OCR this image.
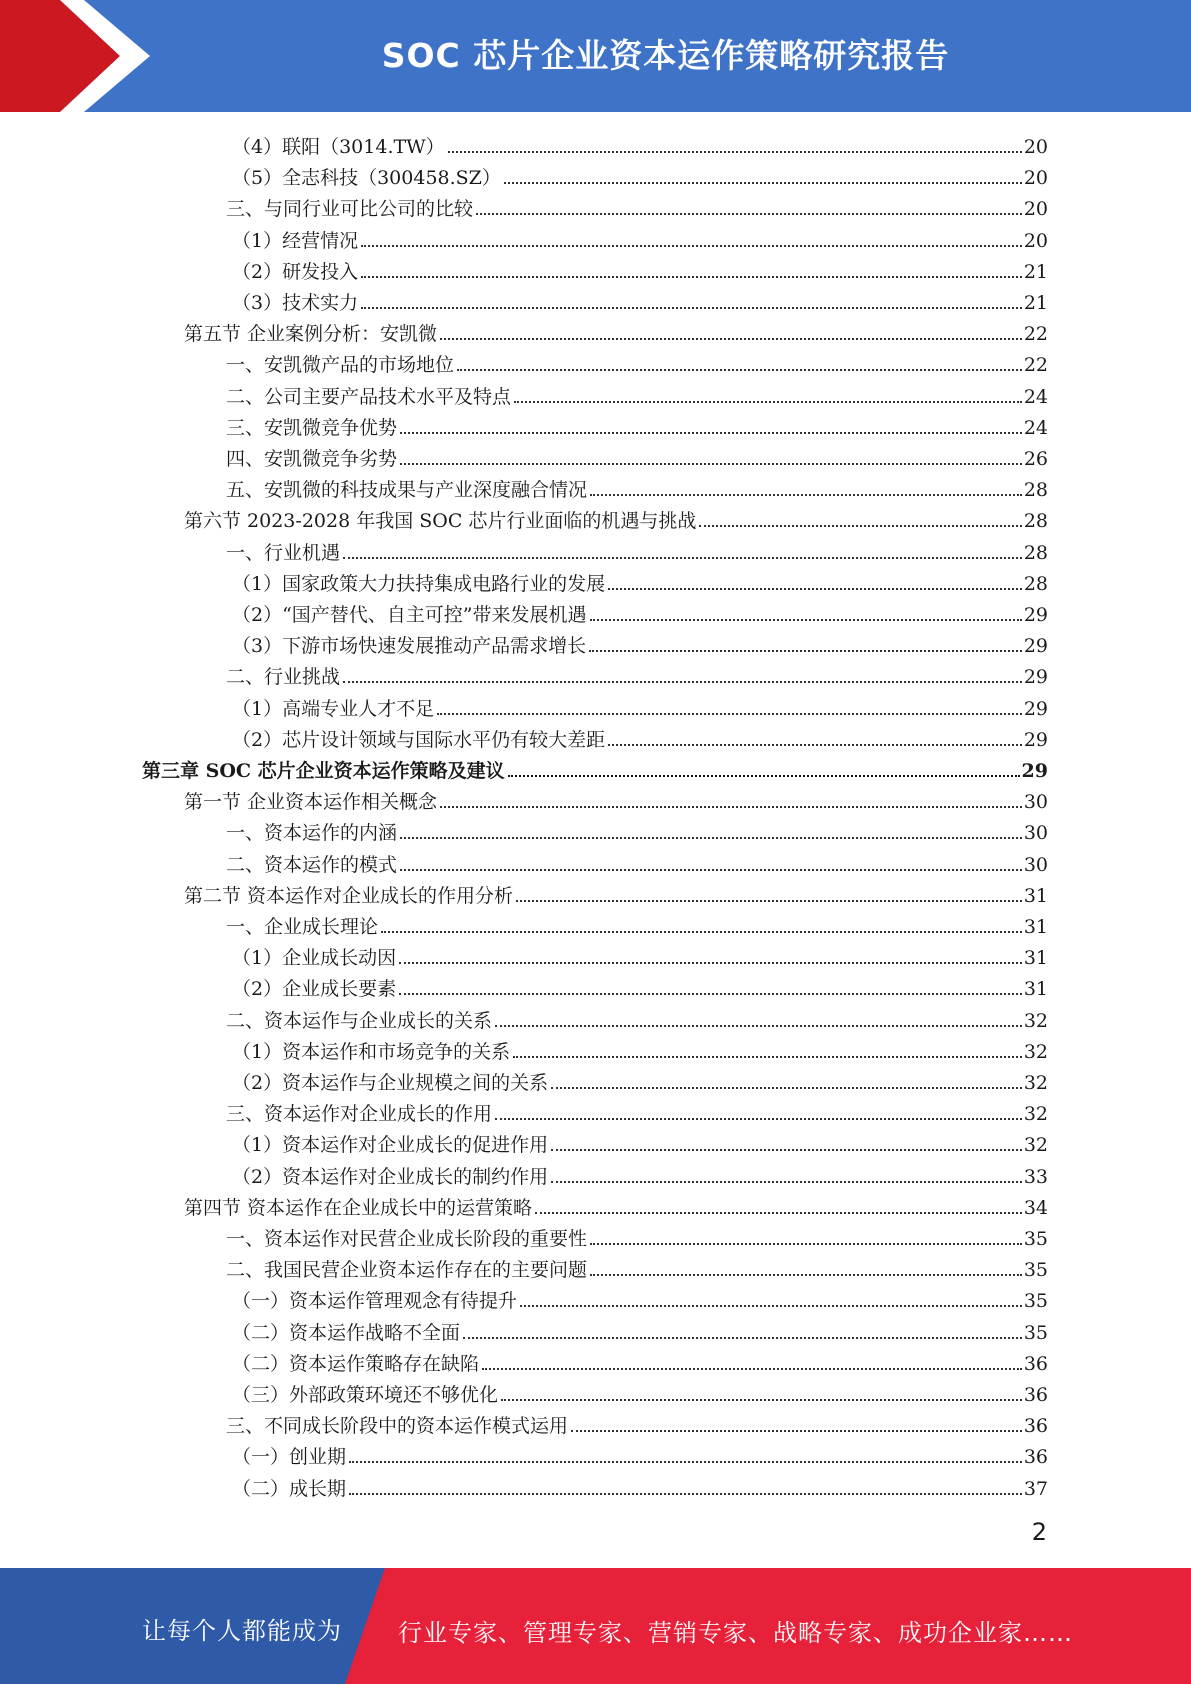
SOC 芯片企业资本运作策略研究报告
（4）联阳（3014.TW）	20
（5）全志科技（300458.SZ）	20
三、与同行业可比公司的比较	20
（1）经营情况	20
（2）研发投入	21
（3）技术实力	21
第五节 企业案例分析：安凯微	22
一、安凯微产品的市场地位	22
二、公司主要产品技术水平及特点	24
三、安凯微竞争优势	24
四、安凯微竞争劣势	26
五、安凯微的科技成果与产业深度融合情况	28
第六节 2023-2028 年我国 SOC 芯片行业面临的机遇与挑战	28
一、行业机遇	28
（1）国家政策大力扶持集成电路行业的发展	28
（2）“国产替代、自主可控”带来发展机遇	29
（3）下游市场快速发展推动产品需求增长	29
二、行业挑战	29
（1）高端专业人才不足	29
（2）芯片设计领域与国际水平仍有较大差距	29
第三章 SOC 芯片企业资本运作策略及建议	29
第一节 企业资本运作相关概念	30
一、资本运作的内涵	30
二、资本运作的模式	30
第二节 资本运作对企业成长的作用分析	31
一、企业成长理论	31
（1）企业成长动因	31
（2）企业成长要素	31
二、资本运作与企业成长的关系	32
（1）资本运作和市场竞争的关系	32
（2）资本运作与企业规模之间的关系	32
三、资本运作对企业成长的作用	32
（1）资本运作对企业成长的促进作用	32
（2）资本运作对企业成长的制约作用	33
第四节 资本运作在企业成长中的运营策略	34
一、资本运作对民营企业成长阶段的重要性	35
二、我国民营企业资本运作存在的主要问题	35
（一）资本运作管理观念有待提升	35
（二）资本运作战略不全面	35
（二）资本运作策略存在缺陷	36
（三）外部政策环境还不够优化	36
三、不同成长阶段中的资本运作模式运用	36
（一）创业期	36
（二）成长期	37
2
让每个人都能成为 行业专家、管理专家、营销专家、战略专家、成功企业家……
